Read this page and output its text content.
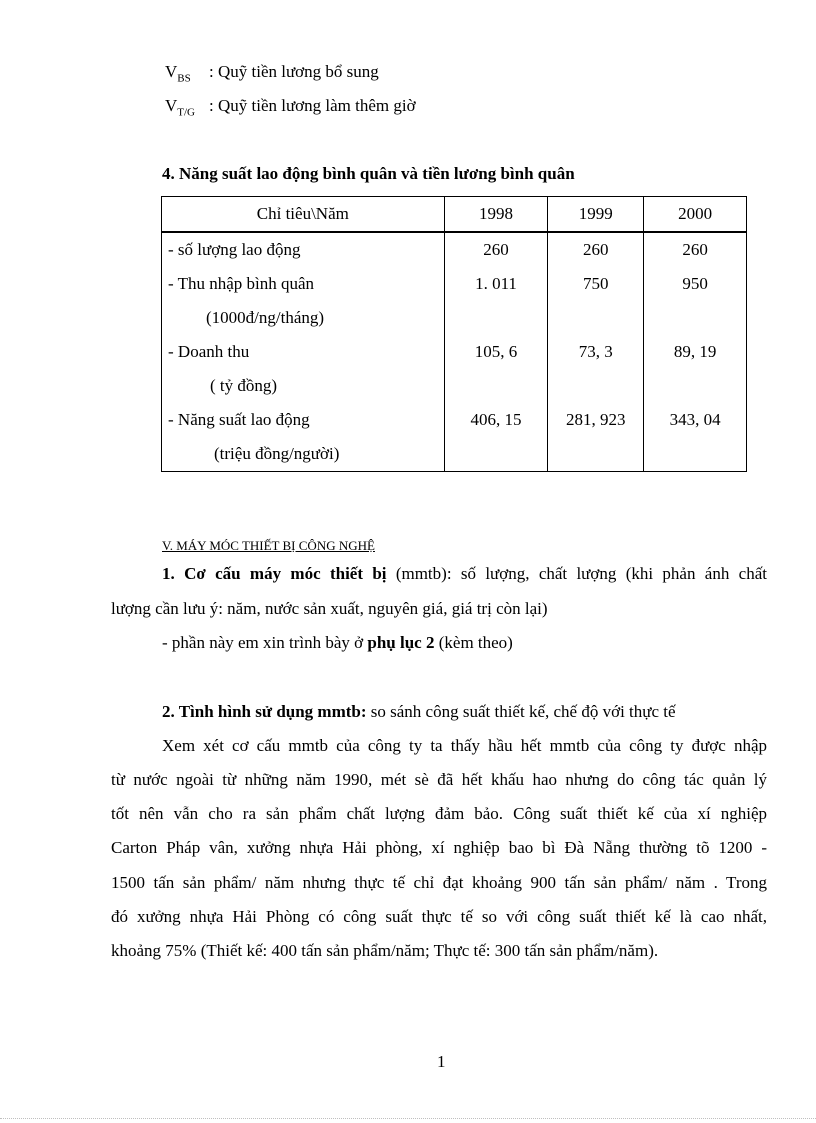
$V_{BS}$ : Quỹ tiền lương bổ sung
$V_{T/G}$ : Quỹ tiền lương làm thêm giờ
4. Năng suất lao động bình quân và tiền lương bình quân
Chỉ tiêu\Năm	1998	1999	2000
- số lượng lao động	260	260	260
- Thu nhập bình quân	1. 011	750	950
(1000đ/ng/tháng)			
- Doanh thu	105, 6	73, 3	89, 19
( tỷ đồng)			
- Năng suất lao động	406, 15	281, 923	343, 04
(triệu đồng/người)			
V. MÁY MÓC THIẾT BỊ CÔNG NGHỆ
1. Cơ cấu máy móc thiết bị (mmtb): số lượng, chất lượng (khi phản ánh chất
lượng cần lưu ý: năm, nước sản xuất, nguyên giá, giá trị còn lại)
- phần này em xin trình bày ở phụ lục 2 (kèm theo)
2. Tình hình sử dụng mmtb: so sánh công suất thiết kế, chế độ với thực tế
Xem xét cơ cấu mmtb của công ty ta thấy hầu hết mmtb của công ty được nhập
từ nước ngoài từ những năm 1990, mét sè đã hết khấu hao nhưng do công tác quản lý
tốt nên vẫn cho ra sản phẩm chất lượng đảm bảo. Công suất thiết kế của xí nghiệp
Carton Pháp vân, xưởng nhựa Hải phòng, xí nghiệp bao bì Đà Nẵng thường tõ 1200 -
1500 tấn sản phẩm/ năm nhưng thực tế chỉ đạt khoảng 900 tấn sản phẩm/ năm . Trong
đó xưởng nhựa Hải Phòng có công suất thực tế so với công suất thiết kế là cao nhất,
khoảng 75% (Thiết kế: 400 tấn sản phẩm/năm; Thực tế: 300 tấn sản phẩm/năm).
1
